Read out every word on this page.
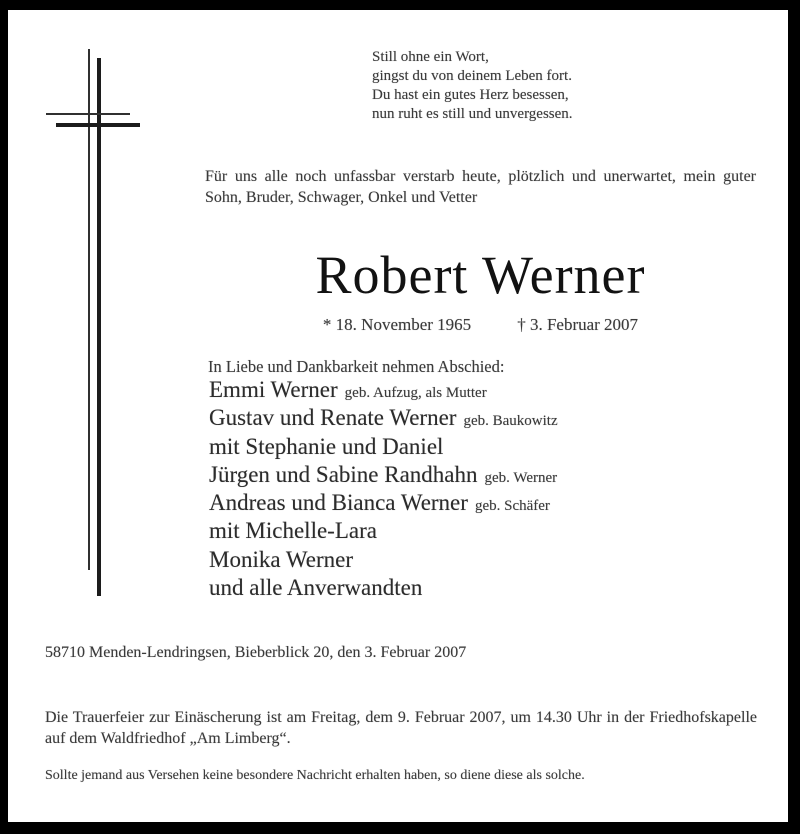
Still ohne ein Wort,
gingst du von deinem Leben fort.
Du hast ein gutes Herz besessen,
nun ruht es still und unvergessen.
Für uns alle noch unfassbar verstarb heute, plötzlich und unerwartet, mein guter Sohn, Bruder, Schwager, Onkel und Vetter
Robert Werner
* 18. November 1965	† 3. Februar 2007
In Liebe und Dankbarkeit nehmen Abschied:
Emmi Werner geb. Aufzug, als Mutter
Gustav und Renate Werner geb. Baukowitz
mit Stephanie und Daniel
Jürgen und Sabine Randhahn geb. Werner
Andreas und Bianca Werner geb. Schäfer
mit Michelle-Lara
Monika Werner
und alle Anverwandten
58710 Menden-Lendringsen, Bieberblick 20, den 3. Februar 2007
Die Trauerfeier zur Einäscherung ist am Freitag, dem 9. Februar 2007, um 14.30 Uhr in der Friedhofskapelle auf dem Waldfriedhof „Am Limberg“.
Sollte jemand aus Versehen keine besondere Nachricht erhalten haben, so diene diese als solche.
